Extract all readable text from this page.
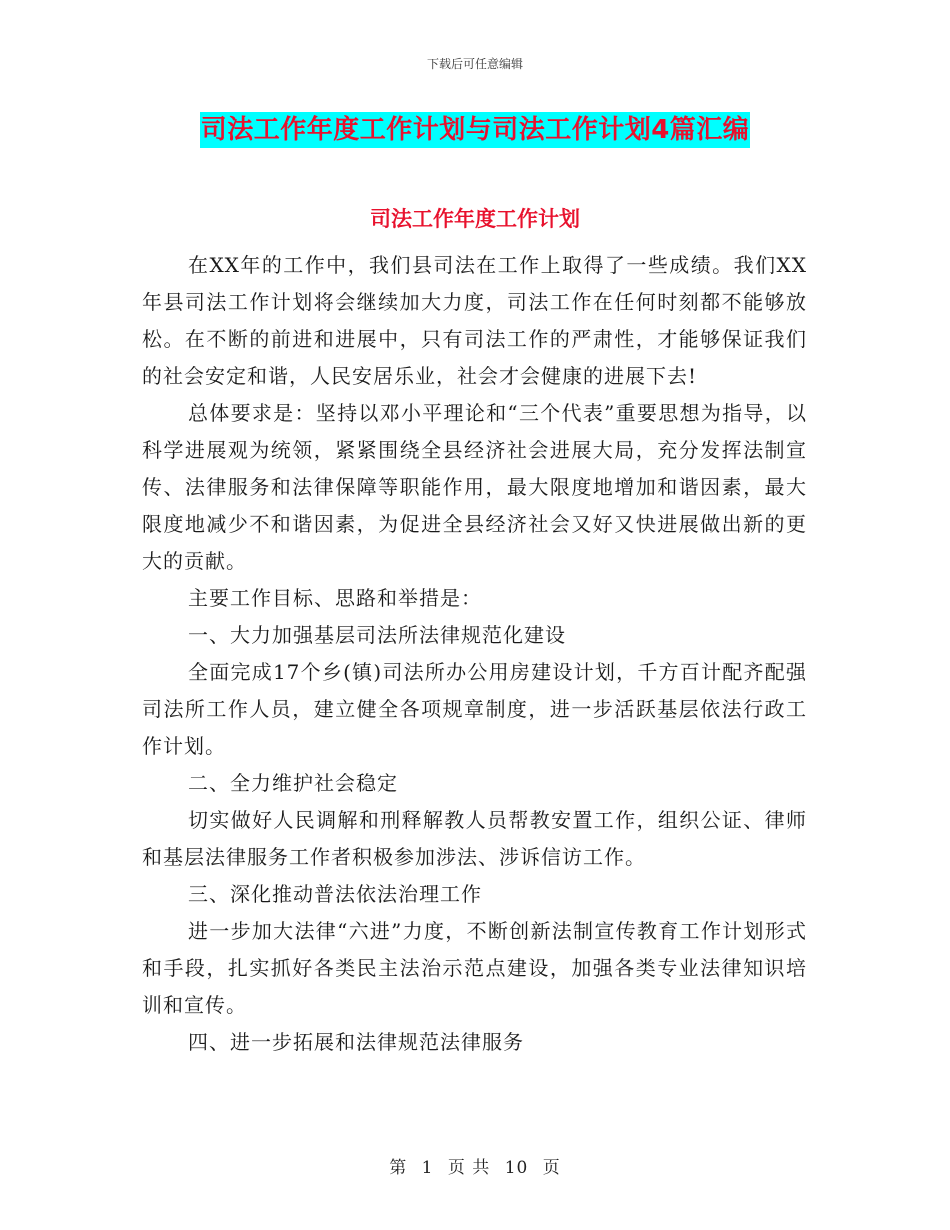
下载后可任意编辑
司法工作年度工作计划与司法工作计划4篇汇编
司法工作年度工作计划

在XX年的工作中，我们县司法在工作上取得了一些成绩。我们XX年县司法工作计划将会继续加大力度，司法工作在任何时刻都不能够放松。在不断的前进和进展中，只有司法工作的严肃性，才能够保证我们的社会安定和谐，人民安居乐业，社会才会健康的进展下去!

总体要求是：坚持以邓小平理论和“三个代表”重要思想为指导，以科学进展观为统领，紧紧围绕全县经济社会进展大局，充分发挥法制宣传、法律服务和法律保障等职能作用，最大限度地增加和谐因素，最大限度地减少不和谐因素，为促进全县经济社会又好又快进展做出新的更大的贡献。

主要工作目标、思路和举措是：

一、大力加强基层司法所法律规范化建设

全面完成17个乡(镇)司法所办公用房建设计划，千方百计配齐配强司法所工作人员，建立健全各项规章制度，进一步活跃基层依法行政工作计划。

二、全力维护社会稳定

切实做好人民调解和刑释解教人员帮教安置工作，组织公证、律师和基层法律服务工作者积极参加涉法、涉诉信访工作。

三、深化推动普法依法治理工作

进一步加大法律“六进”力度，不断创新法制宣传教育工作计划形式和手段，扎实抓好各类民主法治示范点建设，加强各类专业法律知识培训和宣传。

四、进一步拓展和法律规范法律服务

第 1 页 共 10 页
